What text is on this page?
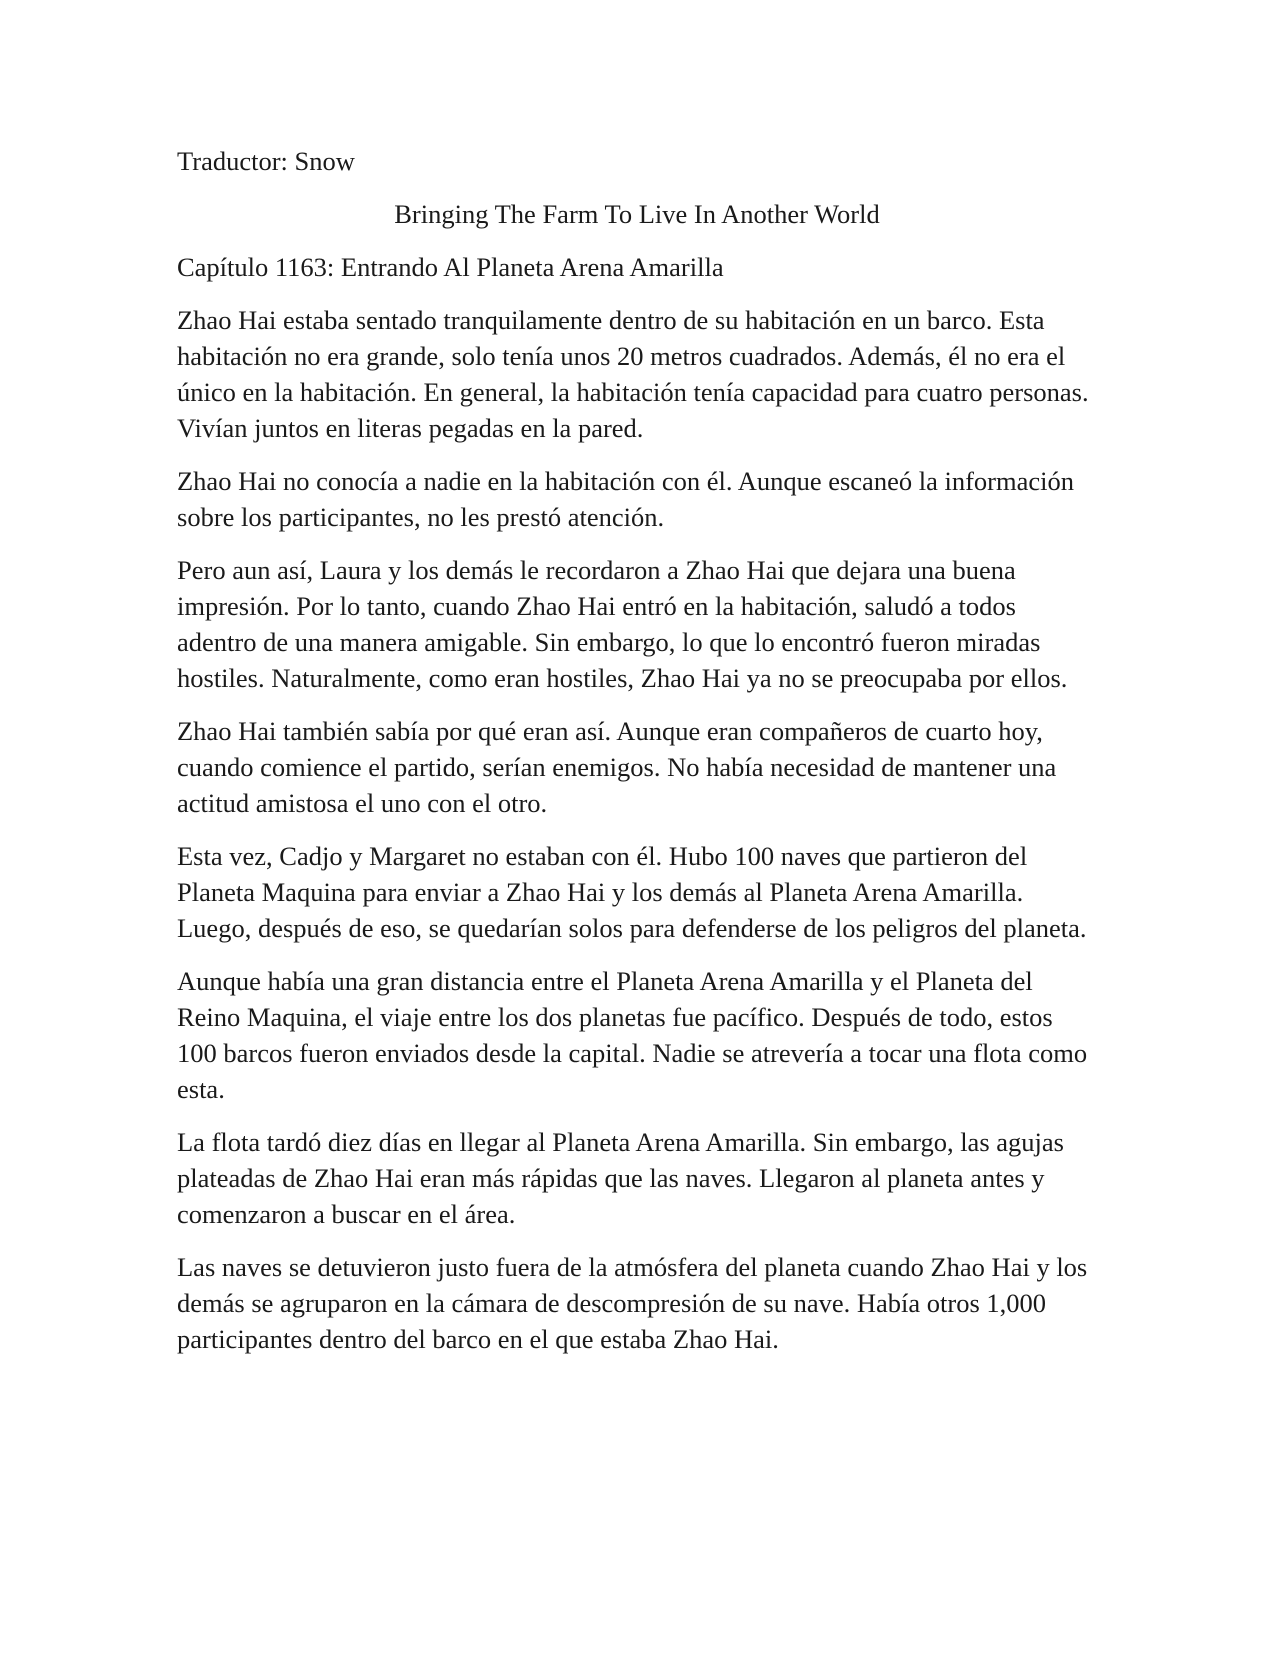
Traductor: Snow

Bringing The Farm To Live In Another World

Capítulo 1163: Entrando Al Planeta Arena Amarilla

Zhao Hai estaba sentado tranquilamente dentro de su habitación en un barco. Esta habitación no era grande, solo tenía unos 20 metros cuadrados. Además, él no era el único en la habitación. En general, la habitación tenía capacidad para cuatro personas. Vivían juntos en literas pegadas en la pared.

Zhao Hai no conocía a nadie en la habitación con él. Aunque escaneó la información sobre los participantes, no les prestó atención.

Pero aun así, Laura y los demás le recordaron a Zhao Hai que dejara una buena impresión. Por lo tanto, cuando Zhao Hai entró en la habitación, saludó a todos adentro de una manera amigable. Sin embargo, lo que lo encontró fueron miradas hostiles. Naturalmente, como eran hostiles, Zhao Hai ya no se preocupaba por ellos.

Zhao Hai también sabía por qué eran así. Aunque eran compañeros de cuarto hoy, cuando comience el partido, serían enemigos. No había necesidad de mantener una actitud amistosa el uno con el otro.

Esta vez, Cadjo y Margaret no estaban con él. Hubo 100 naves que partieron del Planeta Maquina para enviar a Zhao Hai y los demás al Planeta Arena Amarilla. Luego, después de eso, se quedarían solos para defenderse de los peligros del planeta.

Aunque había una gran distancia entre el Planeta Arena Amarilla y el Planeta del Reino Maquina, el viaje entre los dos planetas fue pacífico. Después de todo, estos 100 barcos fueron enviados desde la capital. Nadie se atrevería a tocar una flota como esta.

La flota tardó diez días en llegar al Planeta Arena Amarilla. Sin embargo, las agujas plateadas de Zhao Hai eran más rápidas que las naves. Llegaron al planeta antes y comenzaron a buscar en el área.

Las naves se detuvieron justo fuera de la atmósfera del planeta cuando Zhao Hai y los demás se agruparon en la cámara de descompresión de su nave. Había otros 1,000 participantes dentro del barco en el que estaba Zhao Hai.
